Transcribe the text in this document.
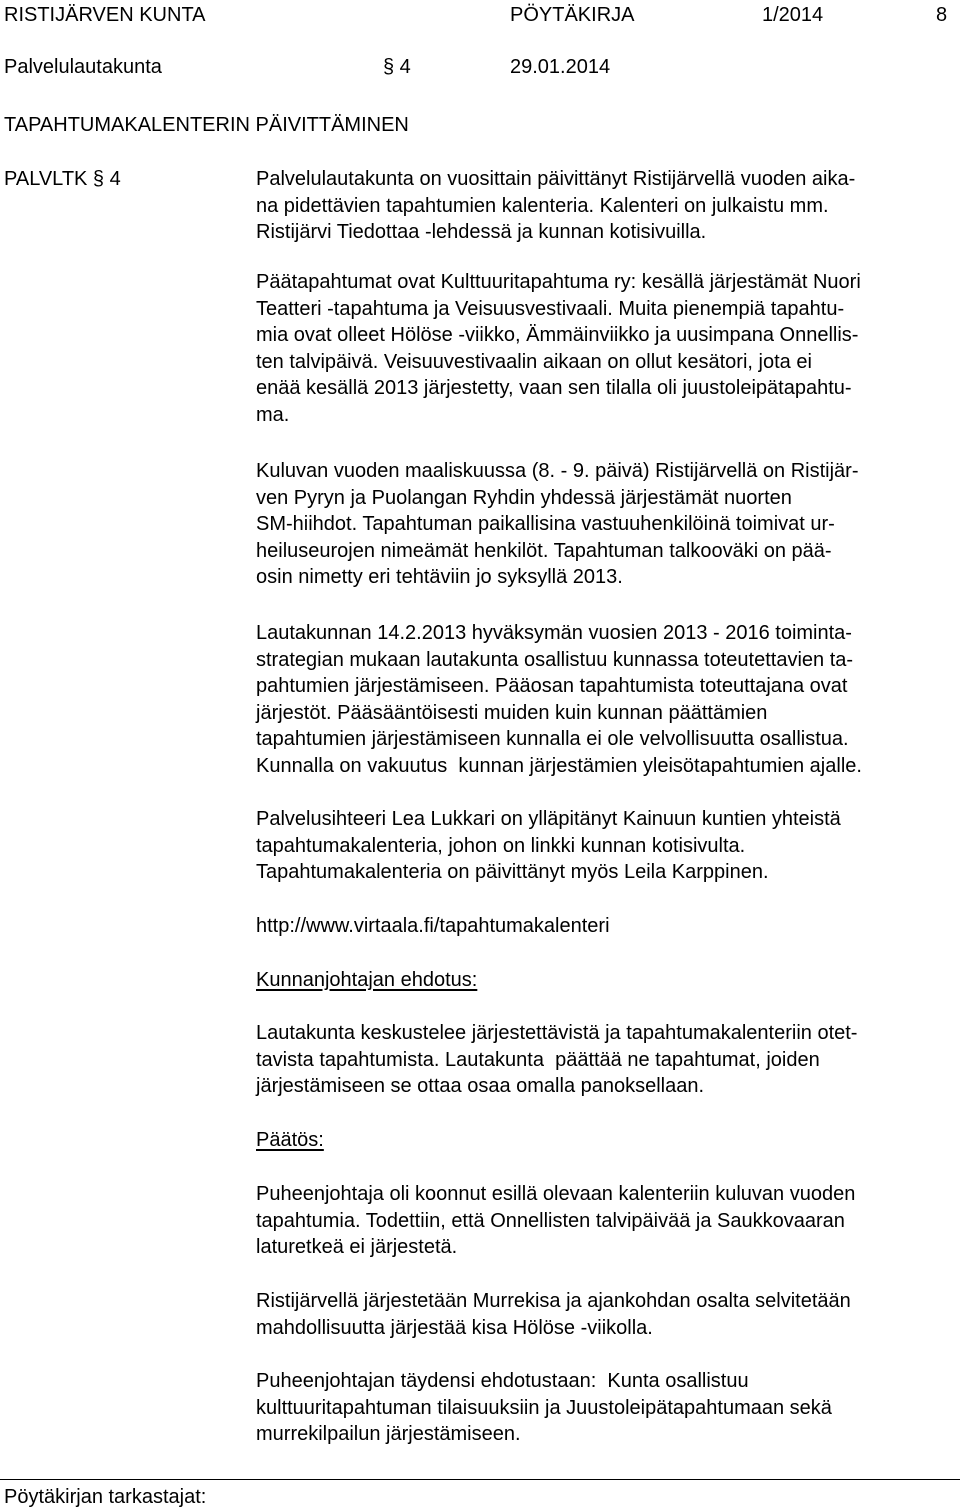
RISTIJÄRVEN KUNTA	PÖYTÄKIRJA	1/2014	8
Palvelulautakunta	§ 4	29.01.2014
TAPAHTUMAKALENTERIN PÄIVITTÄMINEN
PALVLTK § 4	Palvelulautakunta on vuosittain päivittänyt Ristijärvellä vuoden aika-
na pidettävien tapahtumien kalenteria. Kalenteri on julkaistu mm.
Ristijärvi Tiedottaa -lehdessä ja kunnan kotisivuilla.
Päätapahtumat ovat Kulttuuritapahtuma ry: kesällä järjestämät Nuori
Teatteri -tapahtuma ja Veisuusvestivaali. Muita pienempiä tapahtu-
mia ovat olleet Hölöse -viikko, Ämmäinviikko ja uusimpana Onnellis-
ten talvipäivä. Veisuuvestivaalin aikaan on ollut kesätori, jota ei
enää kesällä 2013 järjestetty, vaan sen tilalla oli juustoleipätapahtu-
ma.
Kuluvan vuoden maaliskuussa (8. - 9. päivä) Ristijärvellä on Ristijär-
ven Pyryn ja Puolangan Ryhdin yhdessä järjestämät nuorten
SM-hiihdot. Tapahtuman paikallisina vastuuhenkilöinä toimivat ur-
heiluseurojen nimeämät henkilöt. Tapahtuman talkooväki on pää-
osin nimetty eri tehtäviin jo syksyllä 2013.
Lautakunnan 14.2.2013 hyväksymän vuosien 2013 - 2016 toiminta-
strategian mukaan lautakunta osallistuu kunnassa toteutettavien ta-
pahtumien järjestämiseen. Pääosan tapahtumista toteuttajana ovat
järjestöt. Pääsääntöisesti muiden kuin kunnan päättämien
tapahtumien järjestämiseen kunnalla ei ole velvollisuutta osallistua.
Kunnalla on vakuutus  kunnan järjestämien yleisötapahtumien ajalle.
Palvelusihteeri Lea Lukkari on ylläpitänyt Kainuun kuntien yhteistä
tapahtumakalenteria, johon on linkki kunnan kotisivulta.
Tapahtumakalenteria on päivittänyt myös Leila Karppinen.
http://www.virtaala.fi/tapahtumakalenteri
Kunnanjohtajan ehdotus:
Lautakunta keskustelee järjestettävistä ja tapahtumakalenteriin otet-
tavista tapahtumista. Lautakunta  päättää ne tapahtumat, joiden
järjestämiseen se ottaa osaa omalla panoksellaan.
Päätös:
Puheenjohtaja oli koonnut esillä olevaan kalenteriin kuluvan vuoden
tapahtumia. Todettiin, että Onnellisten talvipäivää ja Saukkovaaran
laturetkeä ei järjestetä.
Ristijärvellä järjestetään Murrekisa ja ajankohdan osalta selvitetään
mahdollisuutta järjestää kisa Hölöse -viikolla.
Puheenjohtajan täydensi ehdotustaan:  Kunta osallistuu
kulttuuritapahtuman tilaisuuksiin ja Juustoleipätapahtumaan sekä
murrekilpailun järjestämiseen.
Pöytäkirjan tarkastajat:
